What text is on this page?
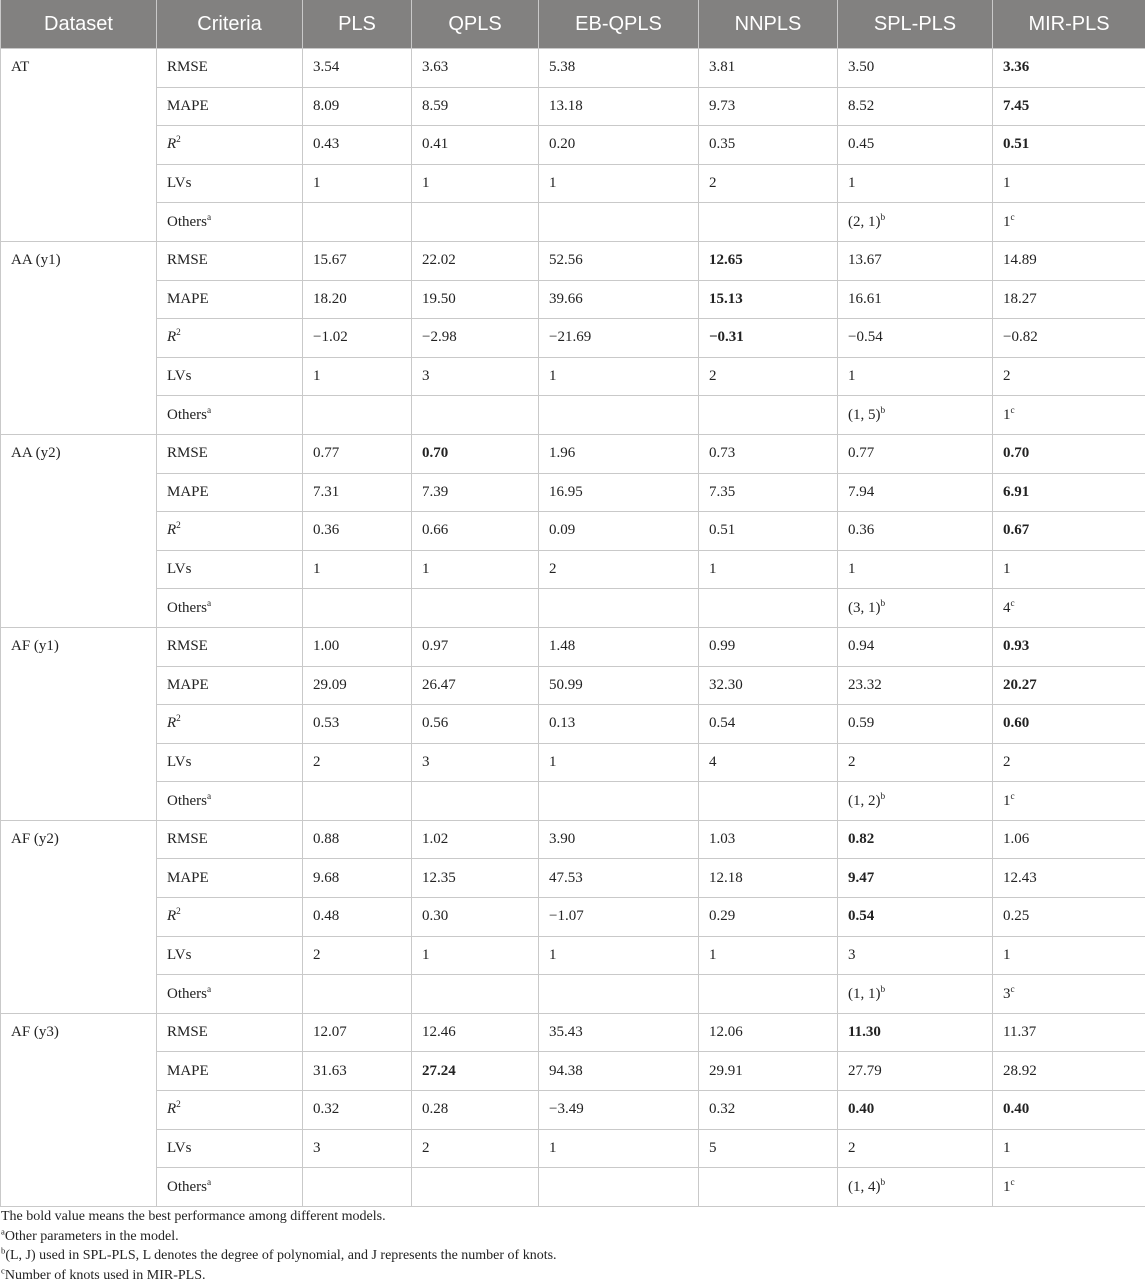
Dataset	Criteria	PLS	QPLS	EB-QPLS	NNPLS	SPL-PLS	MIR-PLS
AT	RMSE	3.54	3.63	5.38	3.81	3.50	3.36
	MAPE	8.09	8.59	13.18	9.73	8.52	7.45
	$R^2$	0.43	0.41	0.20	0.35	0.45	0.51
	LVs	1	1	1	2	1	1
	Others$^a$					(2, 1)$^b$	1$^c$
AA (y1)	RMSE	15.67	22.02	52.56	12.65	13.67	14.89
	MAPE	18.20	19.50	39.66	15.13	16.61	18.27
	$R^2$	−1.02	−2.98	−21.69	−0.31	−0.54	−0.82
	LVs	1	3	1	2	1	2
	Others$^a$					(1, 5)$^b$	1$^c$
AA (y2)	RMSE	0.77	0.70	1.96	0.73	0.77	0.70
	MAPE	7.31	7.39	16.95	7.35	7.94	6.91
	$R^2$	0.36	0.66	0.09	0.51	0.36	0.67
	LVs	1	1	2	1	1	1
	Others$^a$					(3, 1)$^b$	4$^c$
AF (y1)	RMSE	1.00	0.97	1.48	0.99	0.94	0.93
	MAPE	29.09	26.47	50.99	32.30	23.32	20.27
	$R^2$	0.53	0.56	0.13	0.54	0.59	0.60
	LVs	2	3	1	4	2	2
	Others$^a$					(1, 2)$^b$	1$^c$
AF (y2)	RMSE	0.88	1.02	3.90	1.03	0.82	1.06
	MAPE	9.68	12.35	47.53	12.18	9.47	12.43
	$R^2$	0.48	0.30	−1.07	0.29	0.54	0.25
	LVs	2	1	1	1	3	1
	Others$^a$					(1, 1)$^b$	3$^c$
AF (y3)	RMSE	12.07	12.46	35.43	12.06	11.30	11.37
	MAPE	31.63	27.24	94.38	29.91	27.79	28.92
	$R^2$	0.32	0.28	−3.49	0.32	0.40	0.40
	LVs	3	2	1	5	2	1
	Others$^a$					(1, 4)$^b$	1$^c$
The bold value means the best performance among different models.
$^a$Other parameters in the model.
$^b$(L, J) used in SPL-PLS, L denotes the degree of polynomial, and J represents the number of knots.
$^c$Number of knots used in MIR-PLS.
